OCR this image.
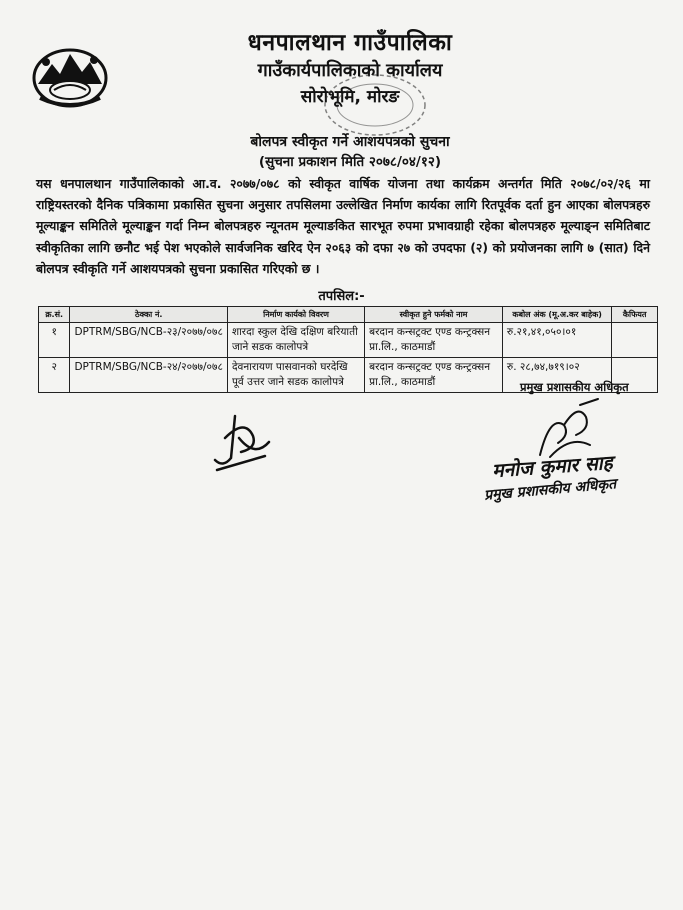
धनपालथान गाउँपालिका
गाउँकार्यपालिकाको कार्यालय
सोरोभूमि, मोरङ
बोलपत्र स्वीकृत गर्ने आशयपत्रको सुचना
(सुचना प्रकाशन मिति २०७८/०४/१२)
यस धनपालथान गाउँपालिकाको आ.व. २०७७/०७८ को स्वीकृत वार्षिक योजना तथा कार्यक्रम अन्तर्गत मिति २०७८/०२/२६ मा राष्ट्रियस्तरको दैनिक पत्रिकामा प्रकासित सुचना अनुसार तपसिलमा उल्लेखित निर्माण कार्यका लागि रितपूर्वक दर्ता हुन आएका बोलपत्रहरु मूल्याङ्कन समितिले मूल्याङ्कन गर्दा निम्न बोलपत्रहरु न्यूनतम मूल्याङकित सारभूत रुपमा प्रभावग्राही रहेका बोलपत्रहरु मूल्याङ्न समितिबाट स्वीकृतिका लागि छनौट भई पेश भएकोले सार्वजनिक खरिद ऐन २०६३ को दफा २७ को उपदफा (२) को प्रयोजनका लागि ७ (सात) दिने बोलपत्र स्वीकृति गर्ने आशयपत्रको सुचना प्रकासित गरिएको छ ।
तपसिल:-
क्र.सं.	ठेक्का नं.	निर्माण कार्यको विवरण	स्वीकृत हुने फर्मको नाम	कबोल अंक (मू.अ.कर बाहेक)	कैफियत
१	DPTRM/SBG/NCB-२३/२०७७/०७८	शारदा स्कुल देखि दक्षिण बरियाती जाने सडक कालोपत्रे	बरदान कन्सट्रक्ट एण्ड कन्ट्रक्सन प्रा.लि., काठमाडौं	रु.२१,४१,०५०।०१	
२	DPTRM/SBG/NCB-२४/२०७७/०७८	देवनारायण पासवानको घरदेखि पूर्व उत्तर जाने सडक कालोपत्रे	बरदान कन्सट्रक्ट एण्ड कन्ट्रक्सन प्रा.लि., काठमाडौं	रु. २८,७४,७१९।०२	
प्रमुख प्रशासकीय अधिकृत
मनोज कुमार साह
प्रमुख प्रशासकीय अधिकृत
